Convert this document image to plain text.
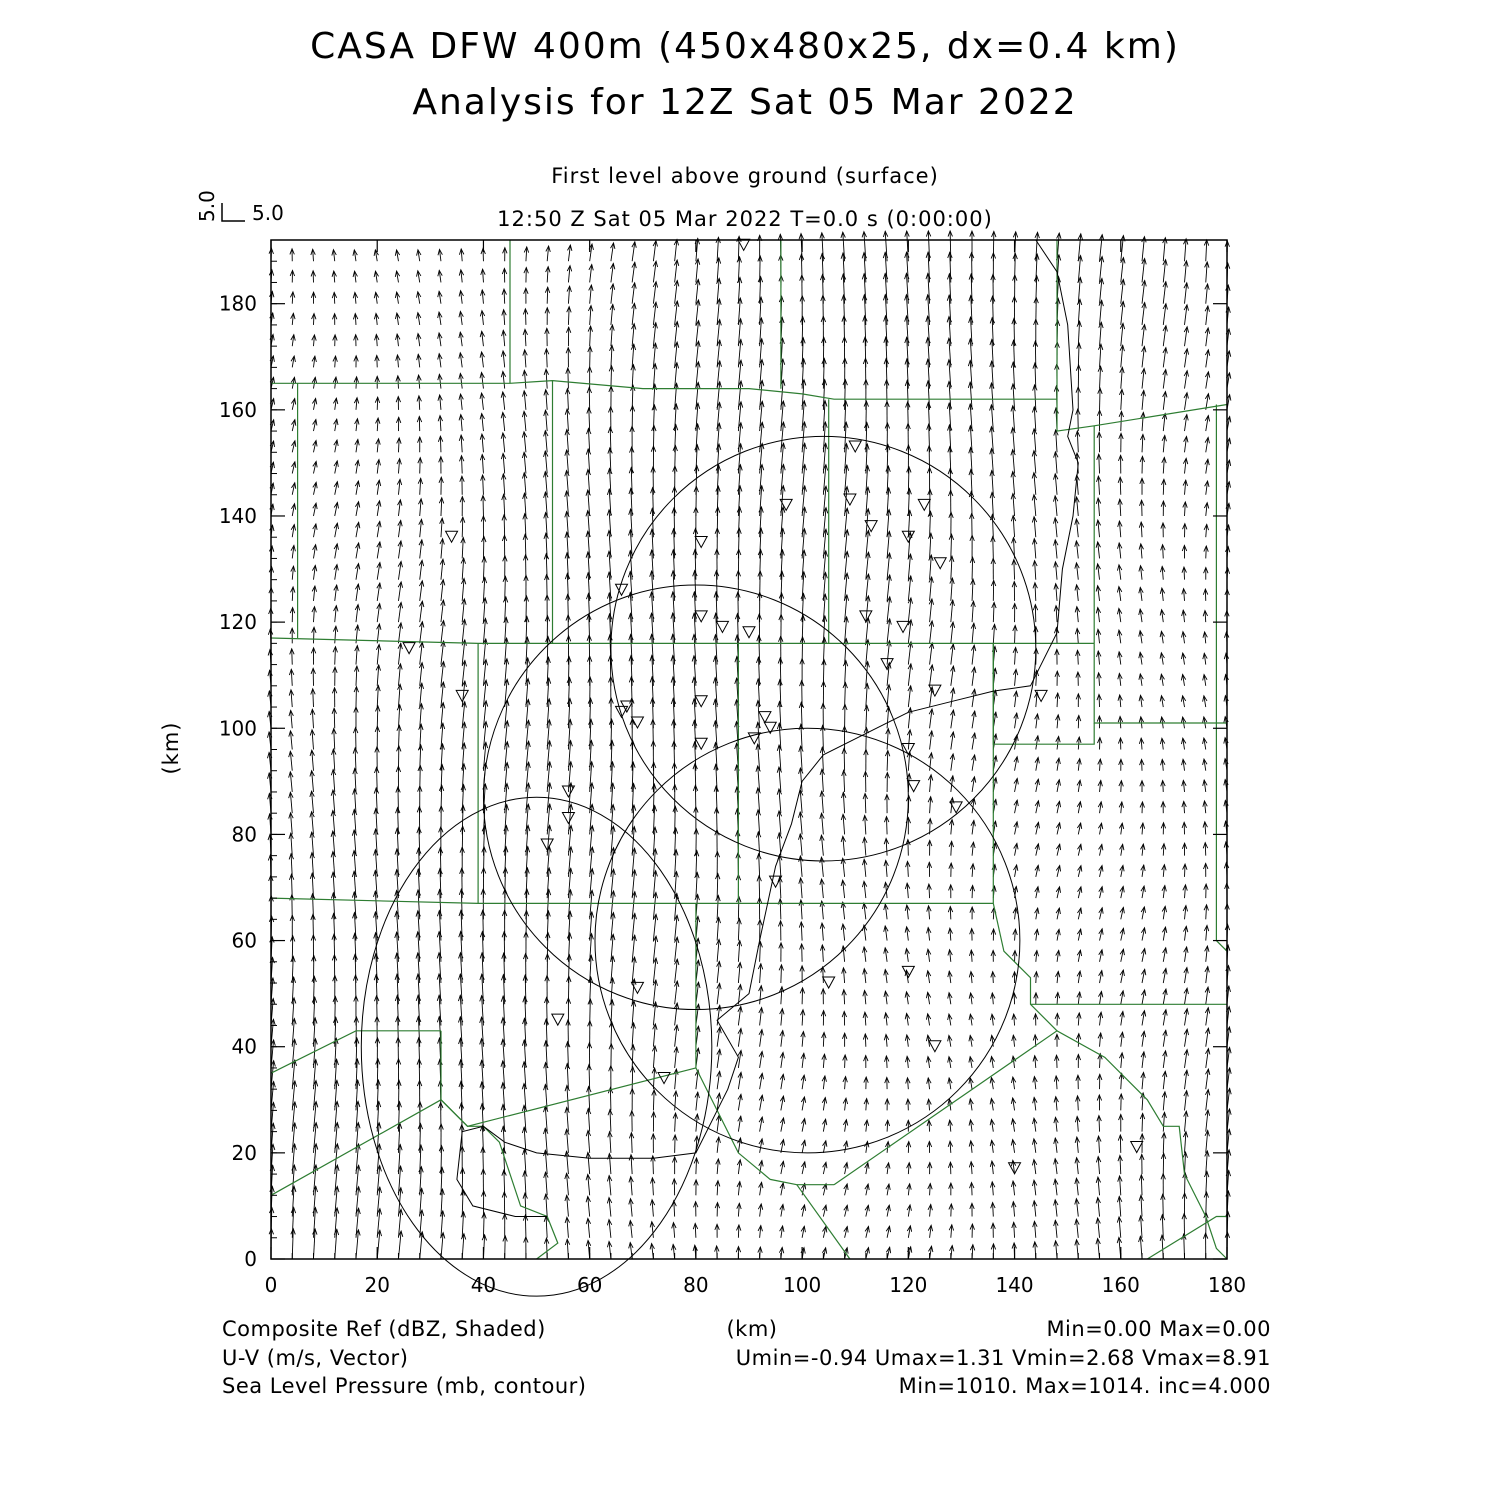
CASA DFW 400m (450x480x25, dx=0.4 km)
Analysis for 12Z Sat 05 Mar 2022
First level above ground (surface)
12:50 Z Sat 05 Mar 2022 T=0.0 s (0:00:00)
5.0 5.0
0	20	40	60	80	100	120	140	160	180
0
20
40
60
80
100
120
140
160
180
(km)
Composite Ref (dBZ, Shaded)
U-V (m/s, Vector)
Sea Level Pressure (mb, contour)
(km)	Min=0.00 Max=0.00
Umin=-0.94 Umax=1.31 Vmin=2.68 Vmax=8.91
Min=1010. Max=1014. inc=4.000
